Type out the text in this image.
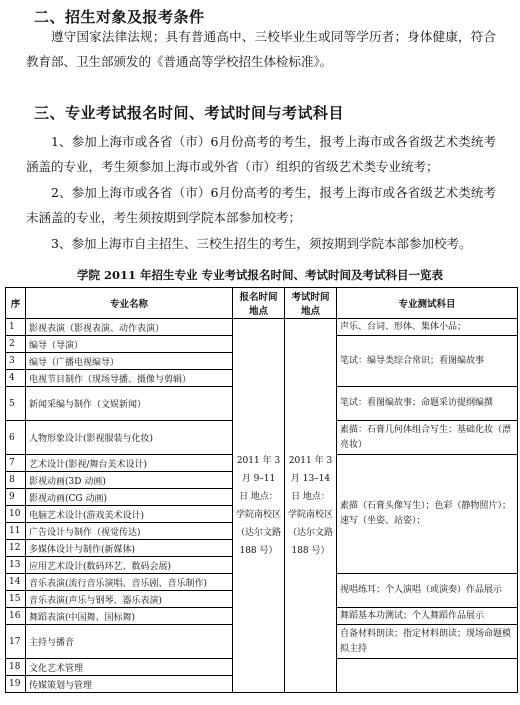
二、招生对象及报考条件
遵守国家法律法规；具有普通高中、三校毕业生或同等学历者；身体健康，符合教育部、卫生部颁发的《普通高等学校招生体检标准》。
三、专业考试报名时间、考试时间与考试科目
1、参加上海市或各省（市）6月份高考的考生，报考上海市或各省级艺术类统考涵盖的专业，考生须参加上海市或外省（市）组织的省级艺术类专业统考；
2、参加上海市或各省（市）6月份高考的考生，报考上海市或各省级艺术类统考未涵盖的专业，考生须按期到学院本部参加校考；
3、参加上海市自主招生、三校生招生的考生，须按期到学院本部参加校考。
学院 2011 年招生专业 专业考试报名时间、考试时间及考试科目一览表
序	专业名称	报名时间地点	考试时间地点	专业测试科目
1	影视表演（影视表演、动作表演）	2011 年 3 月 9–11 日 地点：学院南校区（达尔文路 188 号）	2011 年 3 月 13–14 日 地点：学院南校区（达尔文路 188 号）	声乐、台词、形体、集体小品；
2	编导（导演）			笔试：编导类综合常识；看图编故事
3	编导（广播电视编导）			
4	电视节目制作（现场导播、摄像与剪辑）			
5	新闻采编与制作（文娱新闻）			笔试：看图编故事；命题采访提纲编撰
6	人物形象设计(影视服装与化妆)			素描：石膏几何体组合写生；基础化妆（漂亮妆）
7	艺术设计(影视/舞台美术设计)			素描（石膏头像写生）；色彩（静物照片）；速写（坐姿、站姿）；
8	影视动画(3D 动画)			
9	影视动画(CG 动画)			
10	电脑艺术设计(游戏美术设计)			
11	广告设计与制作（视觉传达)			
12	多媒体设计与制作(新媒体)			
13	应用艺术设计(数码环艺、数码会展)			
14	音乐表演(流行音乐演唱、音乐剧、音乐制作)			视唱练耳；个人演唱（或演奏）作品展示
15	音乐表演(声乐与钢琴、器乐表演)			
16	舞蹈表演(中国舞、国标舞)			舞蹈基本功测试；个人舞蹈作品展示
17	主持与播音			自备材料朗读；指定材料朗读；现场命题模拟主持
18	文化艺术管理			
19	传媒策划与管理			
